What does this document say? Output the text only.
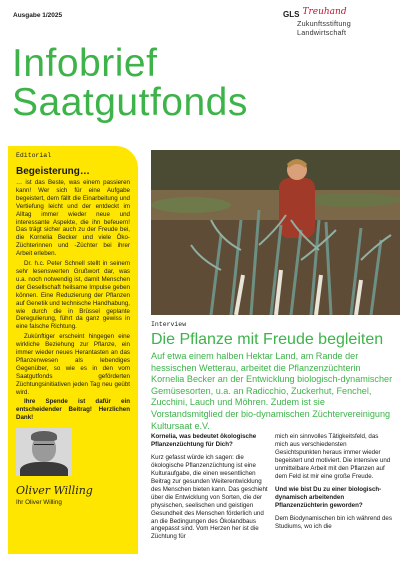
Ausgabe 1/2025	GLS Treuhand
Zukunftsstiftung
Landwirtschaft
Infobrief
Saatgutfonds
Editorial
Begeisterung…

… ist das Beste, was einem passieren kann! Wer sich für eine Aufgabe begeistert, dem fällt die Einarbeitung und Vertiefung leicht und der entdeckt im Alltag immer wieder neue und interessante Aspekte, die ihn befeuern! Das trägt sicher auch zu der Freude bei, die Kornelia Becker und viele Öko-Züchterinnen und -Züchter bei ihrer Arbeit erleben.

Dr. h.c. Peter Schnell stellt in seinem sehr lesenswerten Grußwort dar, was u.a. noch notwendig ist, damit Menschen der Gesellschaft heilsame Impulse geben können. Eine Reduzierung der Pflanzen auf Genetik und technische Handhabung, wie durch die in Brüssel geplante Deregulierung, führt da ganz gewiss in eine falsche Richtung.

Zukünftiger erscheint hingegen eine wirkliche Beziehung zur Pflanze, ein immer wieder neues Herantasten an das Pflanzenwesen als lebendiges Gegenüber, so wie es in den vom Saatgutfonds geförderten Züchtungsinitiativen jeden Tag neu geübt wird.

Ihre Spende ist dafür ein entscheidender Beitrag! Herzlichen Dank!

Oliver Willing
Ihr Oliver Willing
Interview
Die Pflanze mit Freude begleiten
Auf etwa einem halben Hektar Land, am Rande der hessischen Wetterau, arbeitet die Pflanzenzüchterin Kornelia Becker an der Entwicklung biologisch-dynamischer Gemüsesorten, u.a. an Radicchio, Zuckerhut, Fenchel, Zucchini, Lauch und Möhren. Zudem ist sie Vorstandsmitglied der bio-dynamischen Züchtervereinigung Kultursaat e.V.

Kornelia, was bedeutet ökologische Pflanzenzüchtung für Dich?

Kurz gefasst würde ich sagen: die ökologische Pflanzenzüchtung ist eine Kulturaufgabe, die einen wesentlichen Beitrag zur gesunden Weiterentwicklung des Menschen bieten kann. Das geschieht über die Entwicklung von Sorten, die der physischen, seelischen und geistigen Gesundheit des Menschen förderlich und an die Bedingungen des Ökolandbaus angepasst sind. Vom Herzen her ist die Züchtung für

mich ein sinnvolles Tätigkeitsfeld, das mich aus verschiedensten Gesichtspunkten heraus immer wieder begeistert und motiviert. Die intensive und unmittelbare Arbeit mit den Pflanzen auf dem Feld ist mir eine große Freude.

Und wie bist Du zu einer biologisch-dynamisch arbeitenden Pflanzenzüchterin geworden?

Dem Biodynamischen bin ich während des Studiums, wo ich die
